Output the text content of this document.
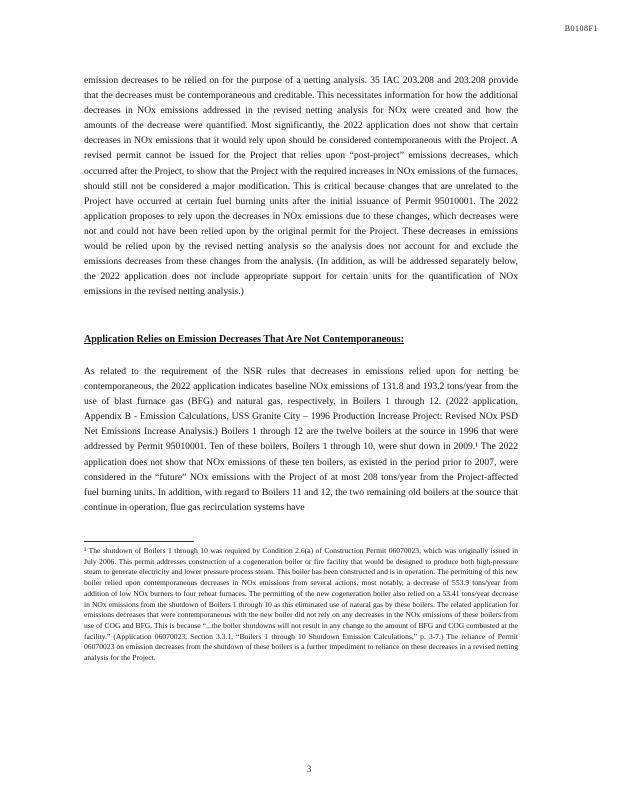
B0108F1

emission decreases to be relied on for the purpose of a netting analysis. 35 IAC 203.208 and 203.208 provide that the decreases must be contemporaneous and creditable. This necessitates information for how the additional decreases in NOx emissions addressed in the revised netting analysis for NOx were created and how the amounts of the decrease were quantified. Most significantly, the 2022 application does not show that certain decreases in NOx emissions that it would rely upon should be considered contemporaneous with the Project. A revised permit cannot be issued for the Project that relies upon “post-project” emissions decreases, which occurred after the Project, to show that the Project with the required increases in NOx emissions of the furnaces, should still not be considered a major modification. This is critical because changes that are unrelated to the Project have occurred at certain fuel burning units after the initial issuance of Permit 95010001. The 2022 application proposes to rely upon the decreases in NOx emissions due to these changes, which decreases were not and could not have been relied upon by the original permit for the Project. These decreases in emissions would be relied upon by the revised netting analysis so the analysis does not account for and exclude the emissions decreases from these changes from the analysis. (In addition, as will be addressed separately below, the 2022 application does not include appropriate support for certain units for the quantification of NOx emissions in the revised netting analysis.)

Application Relies on Emission Decreases That Are Not Contemporaneous:

As related to the requirement of the NSR rules that decreases in emissions relied upon for netting be contemporaneous, the 2022 application indicates baseline NOx emissions of 131.8 and 193.2 tons/year from the use of blast furnace gas (BFG) and natural gas, respectively, in Boilers 1 through 12. (2022 application, Appendix B - Emission Calculations, USS Granite City – 1996 Production Increase Project: Revised NOx PSD Net Emissions Increase Analysis.) Boilers 1 through 12 are the twelve boilers at the source in 1996 that were addressed by Permit 95010001. Ten of these boilers, Boilers 1 through 10, were shut down in 2009.¹ The 2022 application does not show that NOx emissions of these ten boilers, as existed in the period prior to 2007, were considered in the “future” NOx emissions with the Project of at most 208 tons/year from the Project-affected fuel burning units. In addition, with regard to Boilers 11 and 12, the two remaining old boilers at the source that continue in operation, flue gas recirculation systems have

¹ The shutdown of Boilers 1 through 10 was required by Condition 2.6(a) of Construction Permit 06070023, which was originally issued in July 2006. This permit addresses construction of a cogeneration boiler or fire facility that would be designed to produce both high-pressure steam to generate electricity and lower pressure process steam. This boiler has been constructed and is in operation. The permitting of this new boiler relied upon contemporaneous decreases in NOx emissions from several actions, most notably, a decrease of 553.9 tons/year from addition of low NOx burners to four reheat furnaces. The permitting of the new cogeneration boiler also relied on a 53.41 tons/year decrease in NOx emissions from the shutdown of Boilers 1 through 10 as this eliminated use of natural gas by these boilers. The related application for emissions decreases that were contemporaneous with the new boiler did not rely on any decreases in the NOx emissions of these boilers from use of COG and BFG. This is because “...the boiler shutdowns will not result in any change to the amount of BFG and COG combusted at the facility.” (Application 06070023, Section 3.3.1, “Boilers 1 through 10 Shutdown Emission Calculations,” p. 3-7.) The reliance of Permit 06070023 on emission decreases from the shutdown of these boilers is a further impediment to reliance on these decreases in a revised netting analysis for the Project.

3
